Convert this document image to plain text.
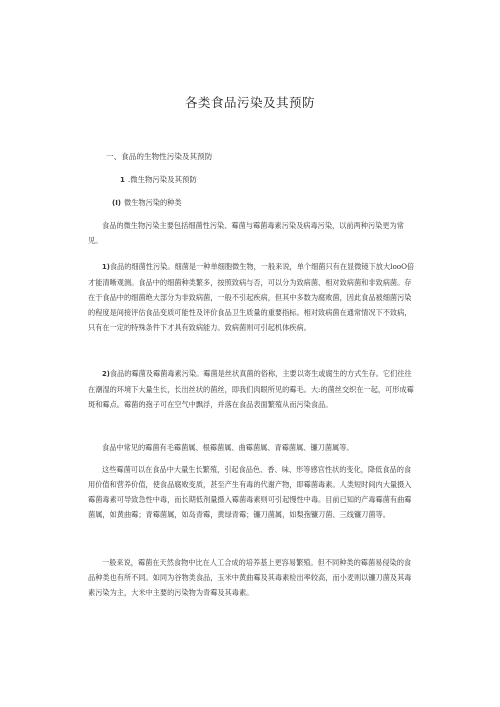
各类食品污染及其预防
一、食品的生物性污染及其预防
1 .微生物污染及其预防
(I) 微生物污染的种类
食品的微生物污染主要包括细菌性污染、霉菌与霉菌毒素污染及病毒污染，以前两种污染更为常见。
1)食品的细菌性污染。细菌是一种单细胞微生物，一般来说，单个细菌只有在显微镜下放大looO倍才能清晰观测。食品中的细菌种类繁多，按照致病与否，可以分为致病菌、相对致病菌和非致病菌。存在于食品中的细菌绝大部分为非致病菌，一般不引起疾病，但其中多数为腐败菌，因此食品被细菌污染的程度是间接评估食品变质可能性及评价食品卫生质量的重要指标。相对致病菌在通常情况下不致病，只有在一定的特殊条件下才具有致病能力。致病菌则可引起机体疾病。
2)食品的霉菌及霉菌毒素污染。霉菌是丝状真菌的俗称，主要以寄生或腐生的方式生存。它们往往在潮湿的环境下大量生长，长出丝状的菌丝，即我们肉眼所见的霉毛。大:的菌丝交织在一起，可形成霉斑和霉点。霉菌的孢子可在空气中飘浮，并落在食品表面繁殖从而污染食品。
食品中常见的霉菌有毛霉菌属、根霉菌属、曲霉菌属、青霉菌属、镰刀菌属等。
这些霉菌可以在食品中大量生长繁殖，引起食品色、香、味、形等感官性状的变化，降低食品的食用价值和营养价值，使食品腐败变质，甚至产生有毒的代谢产物，即霉菌毒素。人类短时间内大量摄入霉菌毒素可导致急性中毒，而长期低剂量摄入霉菌毒素则可引起慢性中毒。目前已知的产毒霉菌有曲霉菌属，如黄曲霉；青霉菌属，如岛青霉，黄绿青霉；镰刀菌属，如梨孢镰刀菌、三线镰刀菌等。
一般来说，霉菌在天然食物中比在人工合成的培养基上更容易繁殖。但不同种类的霉菌易侵染的食品种类也有所不同。如同为谷物类食品，玉米中黄曲霉及其毒素检出率较高，而小麦则以镰刀菌及其毒素污染为主，大米中主要的污染物为青霉及其毒素。
